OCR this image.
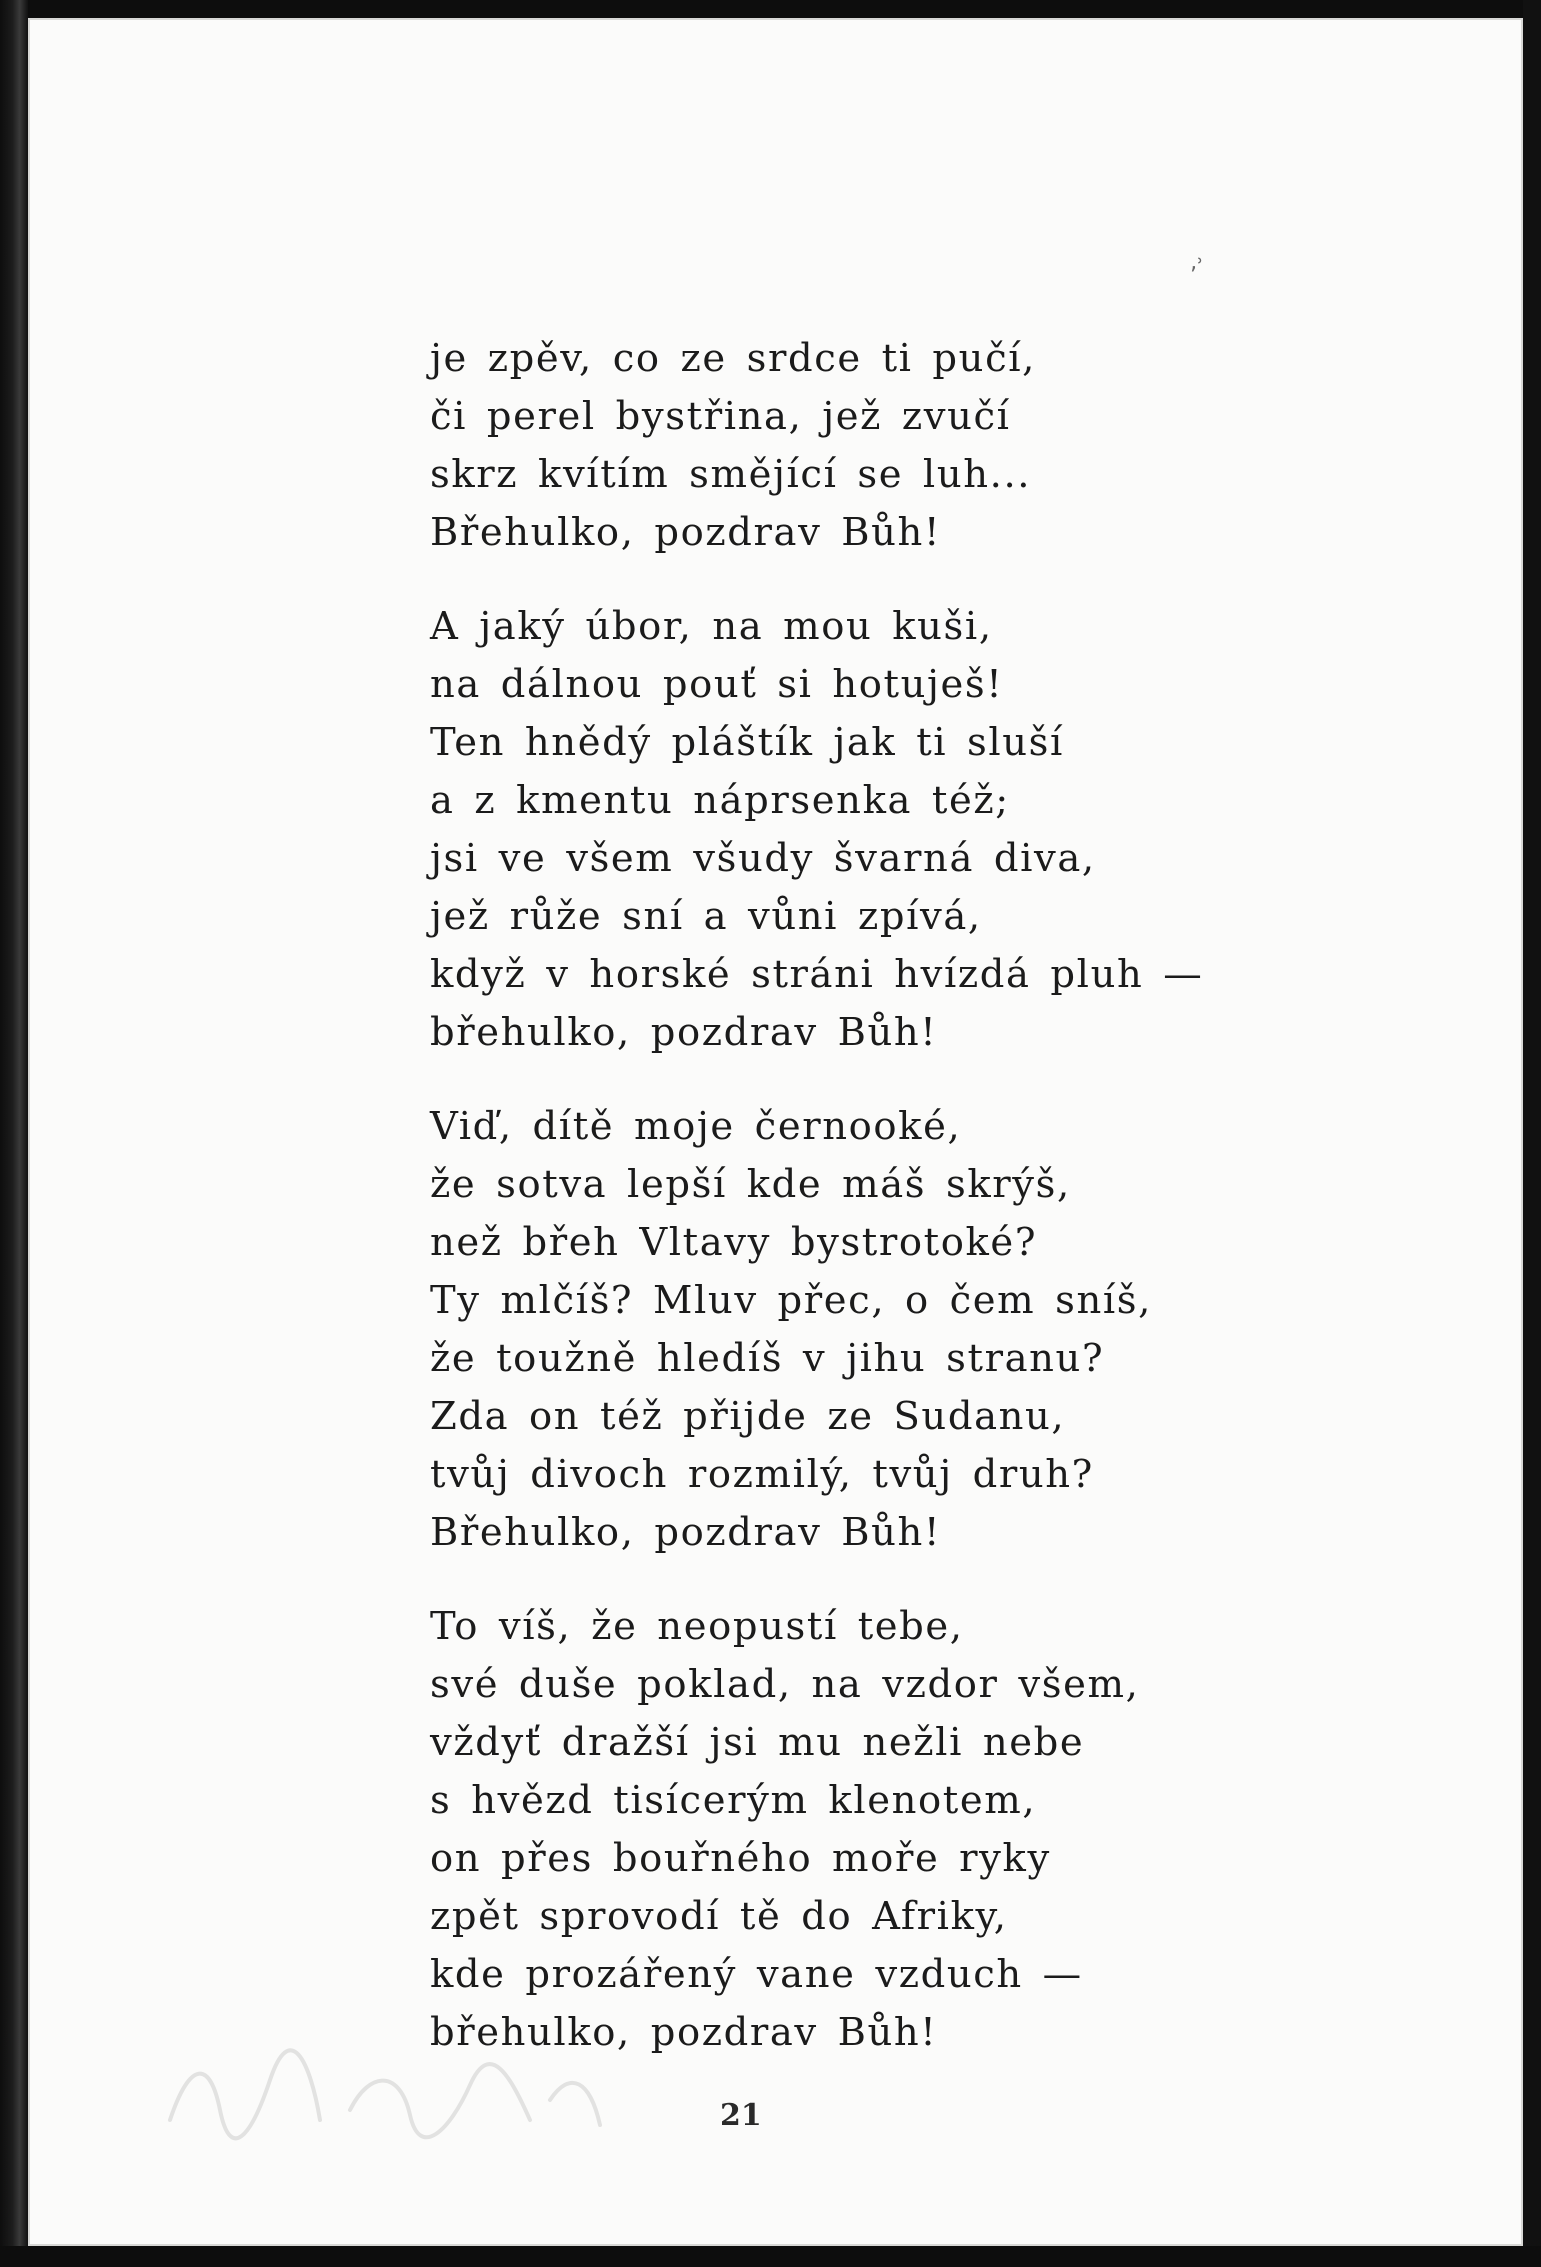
‚˒
je zpěv, co ze srdce ti pučí,
či perel bystřina, jež zvučí
skrz kvítím smějící se luh...
Břehulko, pozdrav Bůh!
A jaký úbor, na mou kuši,
na dálnou pouť si hotuješ!
Ten hnědý pláštík jak ti sluší
a z kmentu náprsenka též;
jsi ve všem všudy švarná diva,
jež růže sní a vůni zpívá,
když v horské stráni hvízdá pluh —
břehulko, pozdrav Bůh!
Viď, dítě moje černooké,
že sotva lepší kde máš skrýš,
než břeh Vltavy bystrotoké?
Ty mlčíš? Mluv přec, o čem sníš,
že toužně hledíš v jihu stranu?
Zda on též přijde ze Sudanu,
tvůj divoch rozmilý, tvůj druh?
Břehulko, pozdrav Bůh!
To víš, že neopustí tebe,
své duše poklad, na vzdor všem,
vždyť dražší jsi mu nežli nebe
s hvězd tisícerým klenotem,
on přes bouřného moře ryky
zpět sprovodí tě do Afriky,
kde prozářený vane vzduch —
břehulko, pozdrav Bůh!
21
